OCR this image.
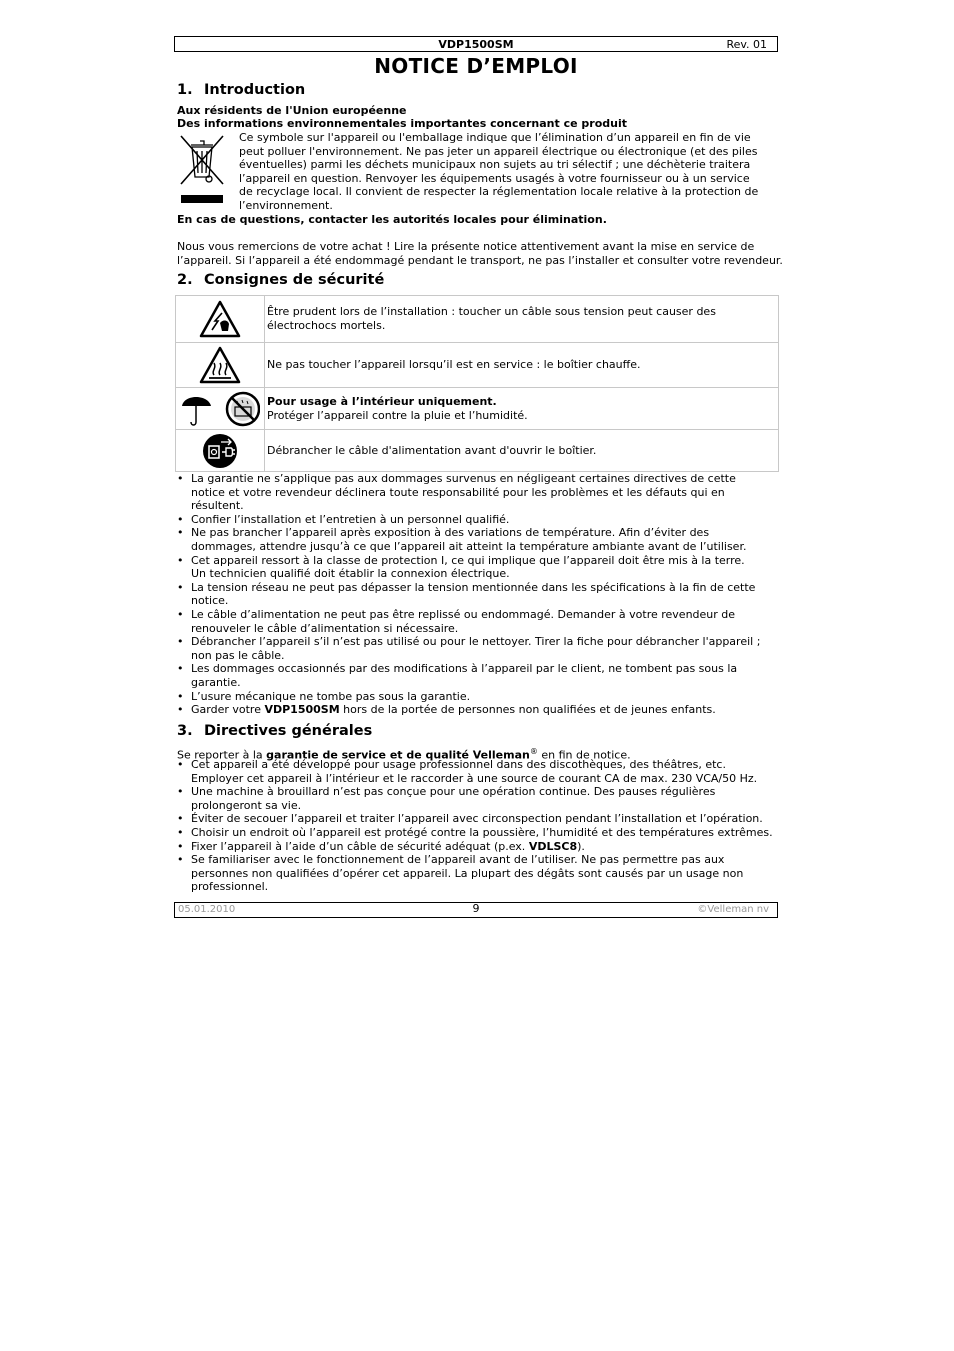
VDP1500SM	Rev. 01
NOTICE D’EMPLOI
1. Introduction
Aux résidents de l'Union européenne
Des informations environnementales importantes concernant ce produit
Ce symbole sur l'appareil ou l'emballage indique que l’élimination d’un appareil en fin de vie
peut polluer l'environnement. Ne pas jeter un appareil électrique ou électronique (et des piles
éventuelles) parmi les déchets municipaux non sujets au tri sélectif ; une déchèterie traitera
l’appareil en question. Renvoyer les équipements usagés à votre fournisseur ou à un service
de recyclage local. Il convient de respecter la réglementation locale relative à la protection de
l’environnement.
En cas de questions, contacter les autorités locales pour élimination.
Nous vous remercions de votre achat ! Lire la présente notice attentivement avant la mise en service de
l’appareil. Si l’appareil a été endommagé pendant le transport, ne pas l’installer et consulter votre revendeur.
2. Consignes de sécurité

Être prudent lors de l’installation : toucher un câble sous tension peut causer des
électrochocs mortels.

Ne pas toucher l’appareil lorsqu’il est en service : le boîtier chauffe.

Pour usage à l’intérieur uniquement.
Protéger l’appareil contre la pluie et l’humidité.

Débrancher le câble d'alimentation avant d'ouvrir le boîtier.
• La garantie ne s’applique pas aux dommages survenus en négligeant certaines directives de cette
notice et votre revendeur déclinera toute responsabilité pour les problèmes et les défauts qui en
résultent.
• Confier l’installation et l’entretien à un personnel qualifié.
• Ne pas brancher l’appareil après exposition à des variations de température. Afin d’éviter des
dommages, attendre jusqu’à ce que l’appareil ait atteint la température ambiante avant de l’utiliser.
• Cet appareil ressort à la classe de protection I, ce qui implique que l’appareil doit être mis à la terre.
Un technicien qualifié doit établir la connexion électrique.
• La tension réseau ne peut pas dépasser la tension mentionnée dans les spécifications à la fin de cette
notice.
• Le câble d’alimentation ne peut pas être replissé ou endommagé. Demander à votre revendeur de
renouveler le câble d’alimentation si nécessaire.
• Débrancher l’appareil s’il n’est pas utilisé ou pour le nettoyer. Tirer la fiche pour débrancher l'appareil ;
non pas le câble.
• Les dommages occasionnés par des modifications à l’appareil par le client, ne tombent pas sous la
garantie.
• L’usure mécanique ne tombe pas sous la garantie.
• Garder votre VDP1500SM hors de la portée de personnes non qualifiées et de jeunes enfants.
3. Directives générales
Se reporter à la garantie de service et de qualité Velleman® en fin de notice.
• Cet appareil a été développé pour usage professionnel dans des discothèques, des théâtres, etc.
Employer cet appareil à l’intérieur et le raccorder à une source de courant CA de max. 230 VCA/50 Hz.
• Une machine à brouillard n’est pas conçue pour une opération continue. Des pauses régulières
prolongeront sa vie.
• Éviter de secouer l’appareil et traiter l’appareil avec circonspection pendant l’installation et l’opération.
• Choisir un endroit où l’appareil est protégé contre la poussière, l’humidité et des températures extrêmes.
• Fixer l’appareil à l’aide d’un câble de sécurité adéquat (p.ex. VDLSC8).
• Se familiariser avec le fonctionnement de l’appareil avant de l’utiliser. Ne pas permettre pas aux
personnes non qualifiées d’opérer cet appareil. La plupart des dégâts sont causés par un usage non
professionnel.
05.01.2010	9	©Velleman nv
